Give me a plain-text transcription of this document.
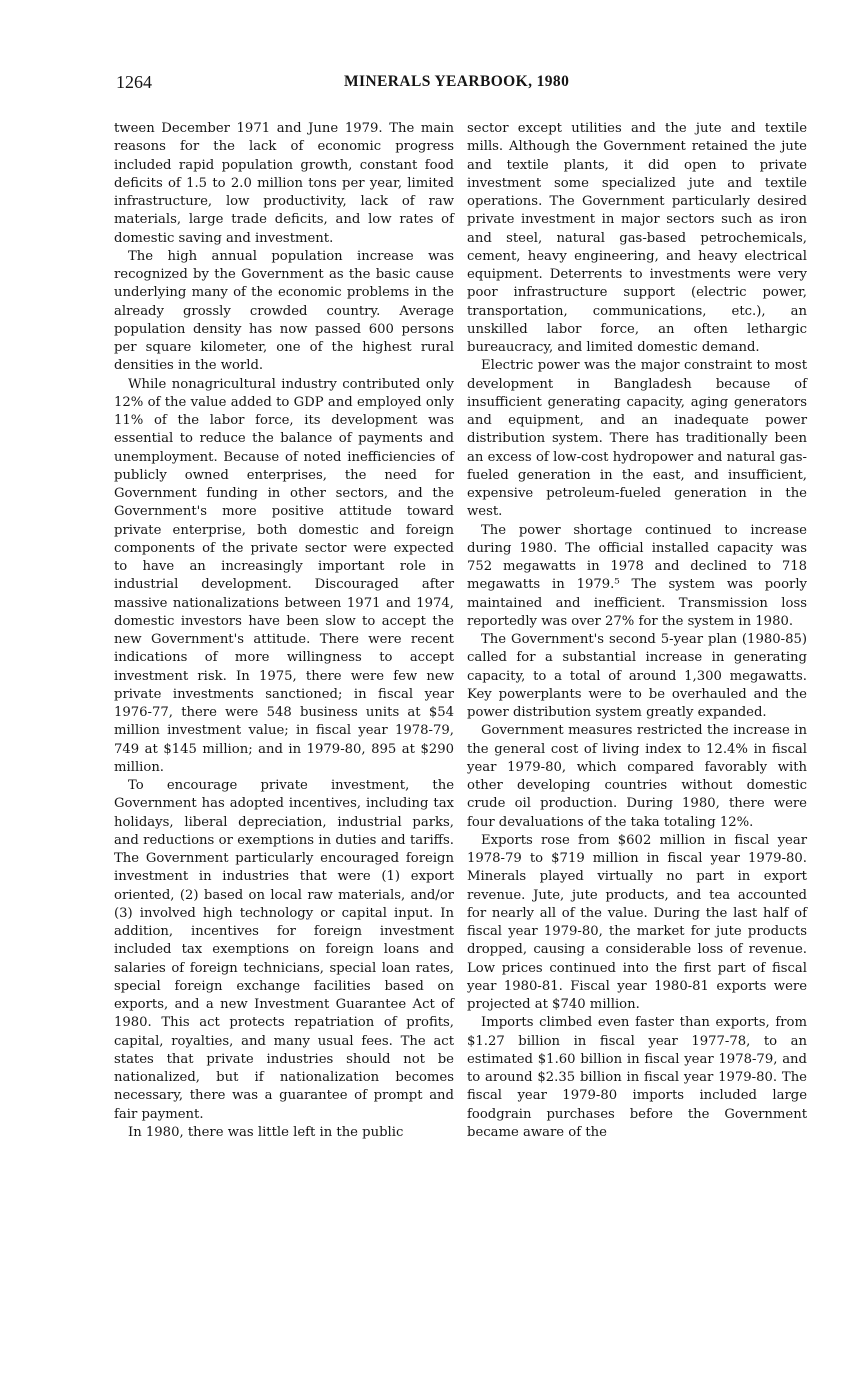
1264	MINERALS YEARBOOK, 1980

tween December 1971 and June 1979. The main reasons for the lack of economic progress included rapid population growth, constant food deficits of 1.5 to 2.0 million tons per year, limited infrastructure, low productivity, lack of raw materials, large trade deficits, and low rates of domestic saving and investment.

The high annual population increase was recognized by the Government as the basic cause underlying many of the economic problems in the already grossly crowded country. Average population density has now passed 600 persons per square kilometer, one of the highest rural densities in the world.

While nonagricultural industry contributed only 12% of the value added to GDP and employed only 11% of the labor force, its development was essential to reduce the balance of payments and unemployment. Because of noted inefficiencies of publicly owned enterprises, the need for Government funding in other sectors, and the Government's more positive attitude toward private enterprise, both domestic and foreign components of the private sector were expected to have an increasingly important role in industrial development. Discouraged after massive nationalizations between 1971 and 1974, domestic investors have been slow to accept the new Government's attitude. There were recent indications of more willingness to accept investment risk. In 1975, there were few new private investments sanctioned; in fiscal year 1976-77, there were 548 business units at $54 million investment value; in fiscal year 1978-79, 749 at $145 million; and in 1979-80, 895 at $290 million.

To encourage private investment, the Government has adopted incentives, including tax holidays, liberal depreciation, industrial parks, and reductions or exemptions in duties and tariffs. The Government particularly encouraged foreign investment in industries that were (1) export oriented, (2) based on local raw materials, and/or (3) involved high technology or capital input. In addition, incentives for foreign investment included tax exemptions on foreign loans and salaries of foreign technicians, special loan rates, special foreign exchange facilities based on exports, and a new Investment Guarantee Act of 1980. This act protects repatriation of profits, capital, royalties, and many usual fees. The act states that private industries should not be nationalized, but if nationalization becomes necessary, there was a guarantee of prompt and fair payment.

In 1980, there was little left in the public

sector except utilities and the jute and textile mills. Although the Government retained the jute and textile plants, it did open to private investment some specialized jute and textile operations. The Government particularly desired private investment in major sectors such as iron and steel, natural gas-based petrochemicals, cement, heavy engineering, and heavy electrical equipment. Deterrents to investments were very poor infrastructure support (electric power, transportation, communications, etc.), an unskilled labor force, an often lethargic bureaucracy, and limited domestic demand.

Electric power was the major constraint to most development in Bangladesh because of insufficient generating capacity, aging generators and equipment, and an inadequate power distribution system. There has traditionally been an excess of low-cost hydropower and natural gas-fueled generation in the east, and insufficient, expensive petroleum-fueled generation in the west.

The power shortage continued to increase during 1980. The official installed capacity was 752 megawatts in 1978 and declined to 718 megawatts in 1979.⁵ The system was poorly maintained and inefficient. Transmission loss reportedly was over 27% for the system in 1980.

The Government's second 5-year plan (1980-85) called for a substantial increase in generating capacity, to a total of around 1,300 megawatts. Key powerplants were to be overhauled and the power distribution system greatly expanded.

Government measures restricted the increase in the general cost of living index to 12.4% in fiscal year 1979-80, which compared favorably with other developing countries without domestic crude oil production. During 1980, there were four devaluations of the taka totaling 12%.

Exports rose from $602 million in fiscal year 1978-79 to $719 million in fiscal year 1979-80. Minerals played virtually no part in export revenue. Jute, jute products, and tea accounted for nearly all of the value. During the last half of fiscal year 1979-80, the market for jute products dropped, causing a considerable loss of revenue. Low prices continued into the first part of fiscal year 1980-81. Fiscal year 1980-81 exports were projected at $740 million.

Imports climbed even faster than exports, from $1.27 billion in fiscal year 1977-78, to an estimated $1.60 billion in fiscal year 1978-79, and to around $2.35 billion in fiscal year 1979-80. The fiscal year 1979-80 imports included large foodgrain purchases before the Government became aware of the
